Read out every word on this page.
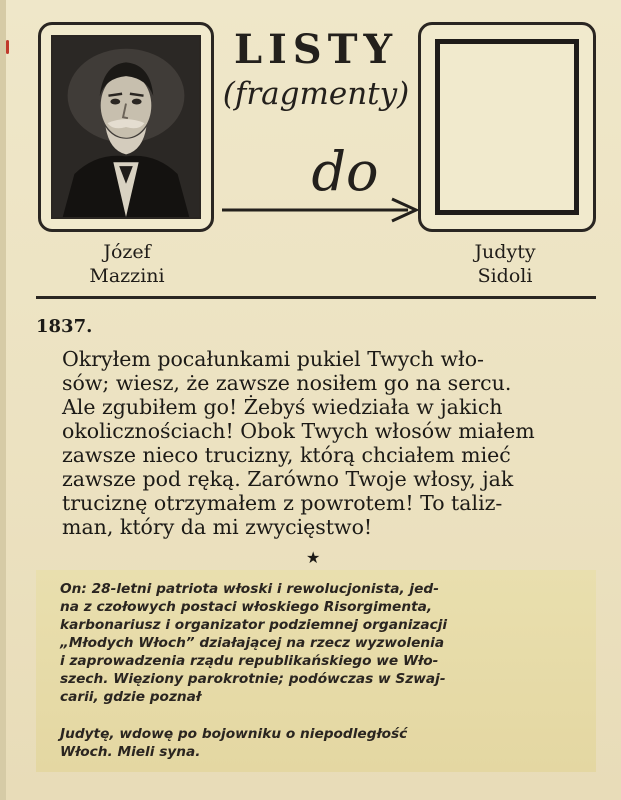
LISTY
(fragmenty)
do
Józef
Mazzini
Judyty
Sidoli
1837.
Okryłem pocałunkami pukiel Twych wło-
sów; wiesz, że zawsze nosiłem go na sercu.
Ale zgubiłem go! Żebyś wiedziała w jakich
okolicznościach! Obok Twych włosów miałem
zawsze nieco trucizny, którą chciałem mieć
zawsze pod ręką. Zarówno Twoje włosy, jak
truciznę otrzymałem z powrotem! To taliz-
man, który da mi zwycięstwo!
★
On: 28-letni patriota włoski i rewolucjonista, jed-
na z czołowych postaci włoskiego Risorgimenta,
karbonariusz i organizator podziemnej organizacji
„Młodych Włoch” działającej na rzecz wyzwolenia
i zaprowadzenia rządu republikańskiego we Wło-
szech. Więziony parokrotnie; podówczas w Szwaj-
carii, gdzie poznał
Judytę, wdowę po bojowniku o niepodległość
Włoch. Mieli syna.
